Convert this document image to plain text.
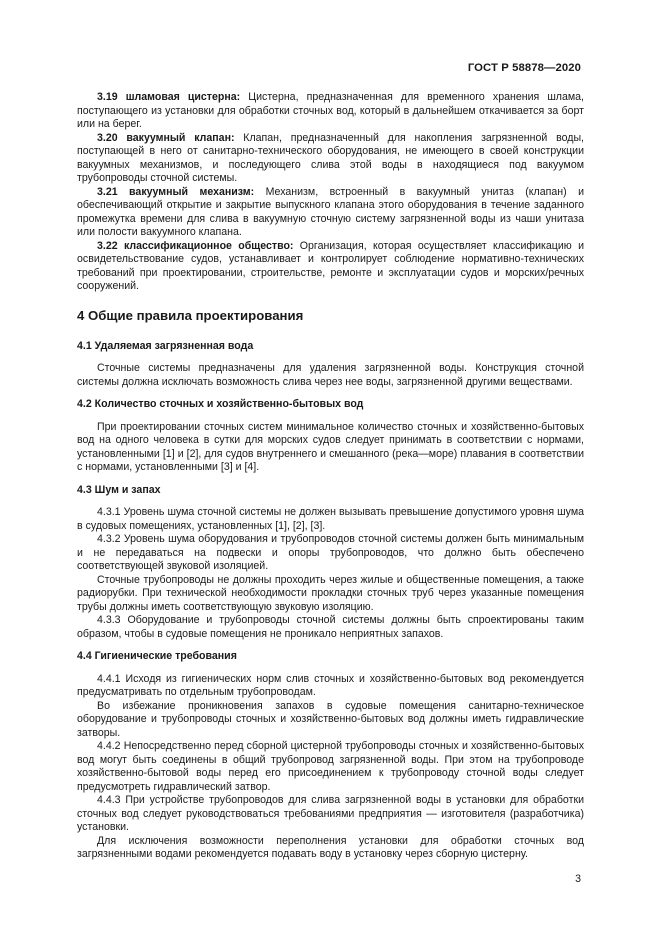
ГОСТ Р 58878—2020

3.19 шламовая цистерна: Цистерна, предназначенная для временного хранения шлама, поступающего из установки для обработки сточных вод, который в дальнейшем откачивается за борт или на берег.

3.20 вакуумный клапан: Клапан, предназначенный для накопления загрязненной воды, поступающей в него от санитарно-технического оборудования, не имеющего в своей конструкции вакуумных механизмов, и последующего слива этой воды в находящиеся под вакуумом трубопроводы сточной системы.

3.21 вакуумный механизм: Механизм, встроенный в вакуумный унитаз (клапан) и обеспечивающий открытие и закрытие выпускного клапана этого оборудования в течение заданного промежутка времени для слива в вакуумную сточную систему загрязненной воды из чаши унитаза или полости вакуумного клапана.

3.22 классификационное общество: Организация, которая осуществляет классификацию и освидетельствование судов, устанавливает и контролирует соблюдение нормативно-технических требований при проектировании, строительстве, ремонте и эксплуатации судов и морских/речных сооружений.

4 Общие правила проектирования

4.1 Удаляемая загрязненная вода

Сточные системы предназначены для удаления загрязненной воды. Конструкция сточной системы должна исключать возможность слива через нее воды, загрязненной другими веществами.

4.2 Количество сточных и хозяйственно-бытовых вод

При проектировании сточных систем минимальное количество сточных и хозяйственно-бытовых вод на одного человека в сутки для морских судов следует принимать в соответствии с нормами, установленными [1] и [2], для судов внутреннего и смешанного (река—море) плавания в соответствии с нормами, установленными [3] и [4].

4.3 Шум и запах

4.3.1 Уровень шума сточной системы не должен вызывать превышение допустимого уровня шума в судовых помещениях, установленных [1], [2], [3].

4.3.2 Уровень шума оборудования и трубопроводов сточной системы должен быть минимальным и не передаваться на подвески и опоры трубопроводов, что должно быть обеспечено соответствующей звуковой изоляцией.

Сточные трубопроводы не должны проходить через жилые и общественные помещения, а также радиорубки. При технической необходимости прокладки сточных труб через указанные помещения трубы должны иметь соответствующую звуковую изоляцию.

4.3.3 Оборудование и трубопроводы сточной системы должны быть спроектированы таким образом, чтобы в судовые помещения не проникало неприятных запахов.

4.4 Гигиенические требования

4.4.1 Исходя из гигиенических норм слив сточных и хозяйственно-бытовых вод рекомендуется предусматривать по отдельным трубопроводам.

Во избежание проникновения запахов в судовые помещения санитарно-техническое оборудование и трубопроводы сточных и хозяйственно-бытовых вод должны иметь гидравлические затворы.

4.4.2 Непосредственно перед сборной цистерной трубопроводы сточных и хозяйственно-бытовых вод могут быть соединены в общий трубопровод загрязненной воды. При этом на трубопроводе хозяйственно-бытовой воды перед его присоединением к трубопроводу сточной воды следует предусмотреть гидравлический затвор.

4.4.3 При устройстве трубопроводов для слива загрязненной воды в установки для обработки сточных вод следует руководствоваться требованиями предприятия — изготовителя (разработчика) установки.

Для исключения возможности переполнения установки для обработки сточных вод загрязненными водами рекомендуется подавать воду в установку через сборную цистерну.

3
